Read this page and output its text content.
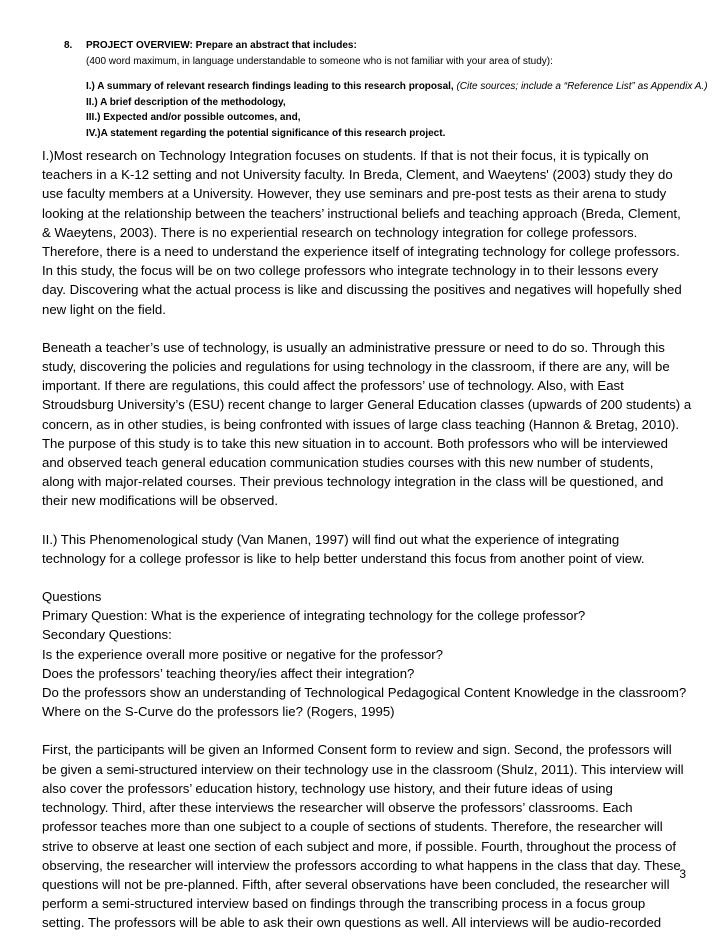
8.	PROJECT OVERVIEW: Prepare an abstract that includes:
(400 word maximum, in language understandable to someone who is not familiar with your area of study):
I.) A summary of relevant research findings leading to this research proposal, (Cite sources; include a “Reference List” as Appendix A.)
II.) A brief description of the methodology,
III.) Expected and/or possible outcomes, and,
IV.)A statement regarding the potential significance of this research project.
I.)Most research on Technology Integration focuses on students. If that is not their focus, it is typically on
teachers in a K-12 setting and not University faculty. In Breda, Clement, and Waeytens' (2003) study they do
use faculty members at a University. However, they use seminars and pre-post tests as their arena to study
looking at the relationship between the teachers’ instructional beliefs and teaching approach (Breda, Clement,
& Waeytens, 2003). There is no experiential research on technology integration for college professors.
Therefore, there is a need to understand the experience itself of integrating technology for college professors.
In this study, the focus will be on two college professors who integrate technology in to their lessons every
day. Discovering what the actual process is like and discussing the positives and negatives will hopefully shed
new light on the field.
Beneath a teacher’s use of technology, is usually an administrative pressure or need to do so. Through this
study, discovering the policies and regulations for using technology in the classroom, if there are any, will be
important. If there are regulations, this could affect the professors’ use of technology. Also, with East
Stroudsburg University’s (ESU) recent change to larger General Education classes (upwards of 200 students) a
concern, as in other studies, is being confronted with issues of large class teaching (Hannon & Bretag, 2010).
The purpose of this study is to take this new situation in to account. Both professors who will be interviewed
and observed teach general education communication studies courses with this new number of students,
along with major-related courses. Their previous technology integration in the class will be questioned, and
their new modifications will be observed.
II.) This Phenomenological study (Van Manen, 1997) will find out what the experience of integrating
technology for a college professor is like to help better understand this focus from another point of view.
Questions
Primary Question: What is the experience of integrating technology for the college professor?
Secondary Questions:
Is the experience overall more positive or negative for the professor?
Does the professors’ teaching theory/ies affect their integration?
Do the professors show an understanding of Technological Pedagogical Content Knowledge in the classroom?
Where on the S-Curve do the professors lie? (Rogers, 1995)
First, the participants will be given an Informed Consent form to review and sign. Second, the professors will
be given a semi-structured interview on their technology use in the classroom (Shulz, 2011). This interview will
also cover the professors’ education history, technology use history, and their future ideas of using
technology. Third, after these interviews the researcher will observe the professors’ classrooms. Each
professor teaches more than one subject to a couple of sections of students. Therefore, the researcher will
strive to observe at least one section of each subject and more, if possible. Fourth, throughout the process of
observing, the researcher will interview the professors according to what happens in the class that day. These
questions will not be pre-planned. Fifth, after several observations have been concluded, the researcher will
perform a semi-structured interview based on findings through the transcribing process in a focus group
setting. The professors will be able to ask their own questions as well. All interviews will be audio-recorded
3
